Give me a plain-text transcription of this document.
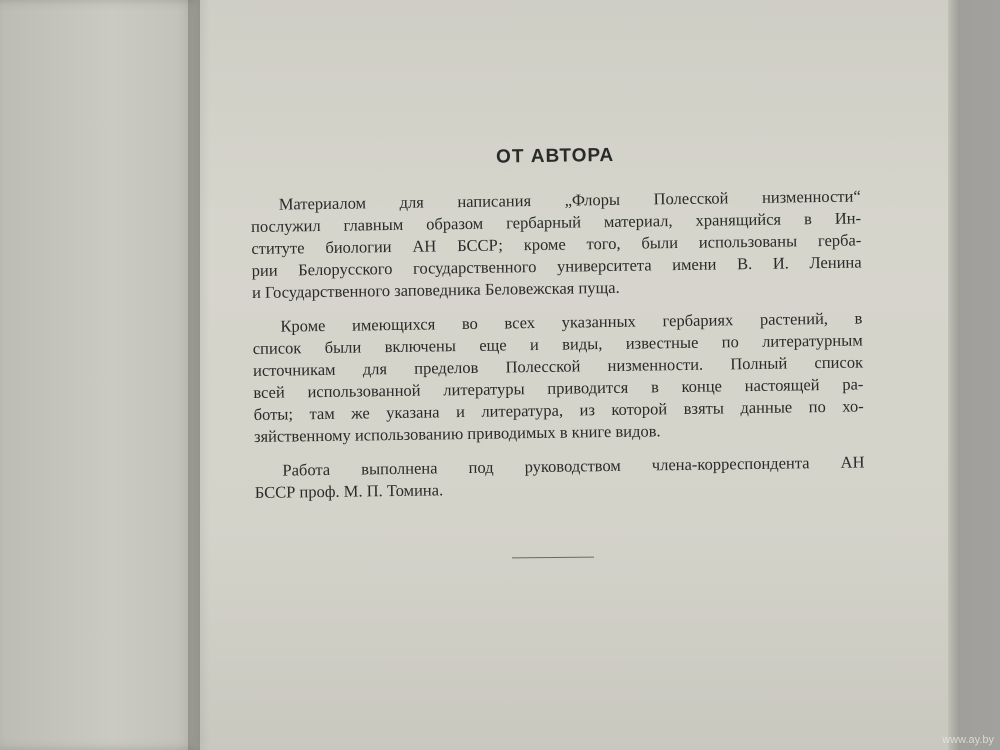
ОТ АВТОРА
Материалом для написания „Флоры Полесской низменности“
послужил главным образом гербарный материал, хранящийся в Ин-
ституте биологии АН БССР; кроме того, были использованы герба-
рии Белорусского государственного университета имени В. И. Ленина
и Государственного заповедника Беловежская пуща.
Кроме имеющихся во всех указанных гербариях растений, в
список были включены еще и виды, известные по литературным
источникам для пределов Полесской низменности. Полный список
всей использованной литературы приводится в конце настоящей ра-
боты; там же указана и литература, из которой взяты данные по хо-
зяйственному использованию приводимых в книге видов.
Работа выполнена под руководством члена-корреспондента АН
БССР проф. М. П. Томина.
www.ay.by
